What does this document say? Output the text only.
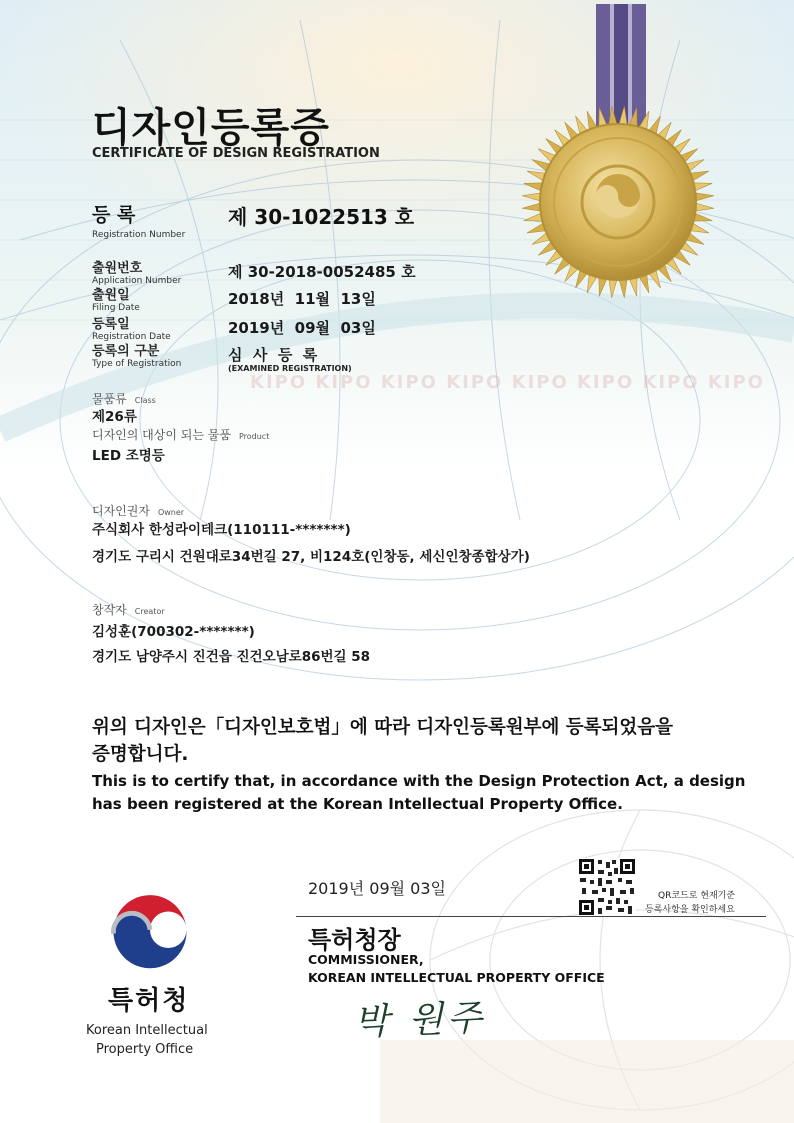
디자인등록증
CERTIFICATE OF DESIGN REGISTRATION
등 록
Registration Number
제 30-1022513 호
출원번호
Application Number	제 30-2018-0052485 호
출원일
Filing Date	2018년  11월  13일
등록일
Registration Date	2019년  09월  03일
등록의 구분
Type of Registration	심  사  등  록
(EXAMINED REGISTRATION)
KIPO KIPO KIPO KIPO KIPO KIPO KIPO KIPO
물품류 Class
제26류
디자인의 대상이 되는 물품 Product
LED 조명등
디자인권자 Owner
주식회사 한성라이테크(110111-*******)
경기도 구리시 건원대로34번길 27, 비124호(인창동, 세신인창종합상가)
창작자 Creator
김성훈(700302-*******)
경기도 남양주시 진건읍 진건오남로86번길 58
위의 디자인은「디자인보호법」에 따라 디자인등록원부에 등록되었음을
증명합니다.
This is to certify that, in accordance with the Design Protection Act, a design
has been registered at the Korean Intellectual Property Office.
2019년 09월 03일	QR코드로 현재기준
등록사항을 확인하세요
특허청장
COMMISSIONER,
KOREAN INTELLECTUAL PROPERTY OFFICE
박 원주
특허청
Korean Intellectual
Property Office
